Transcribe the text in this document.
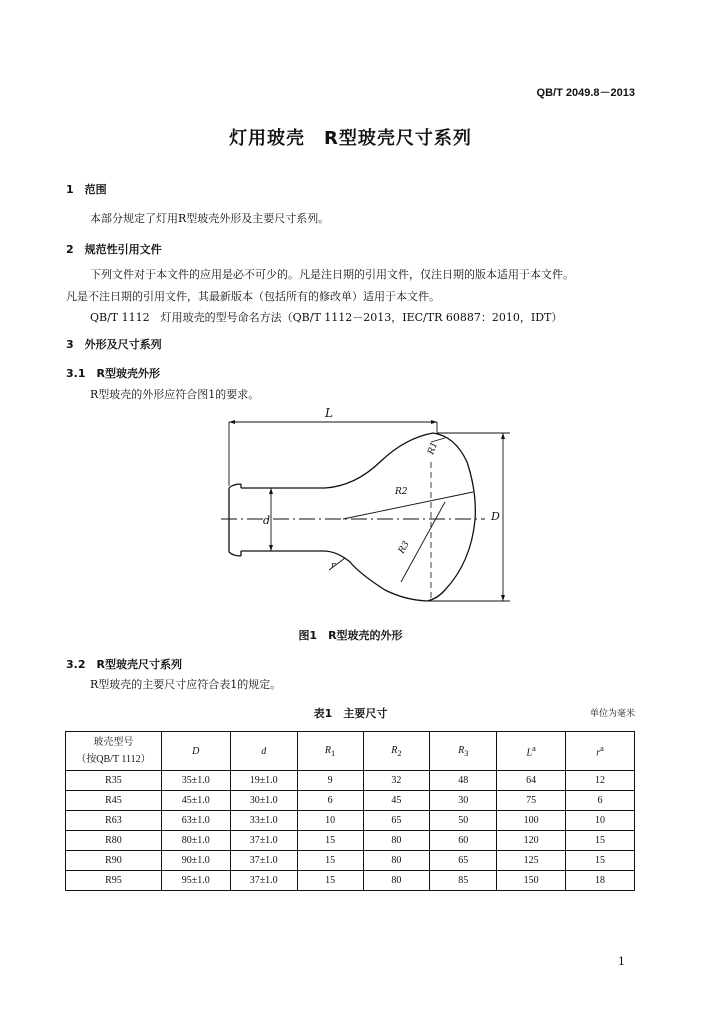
QB/T 2049.8－2013
灯用玻壳　R型玻壳尺寸系列
1　范围
本部分规定了灯用R型玻壳外形及主要尺寸系列。
2　规范性引用文件
下列文件对于本文件的应用是必不可少的。凡是注日期的引用文件，仅注日期的版本适用于本文件。
凡是不注日期的引用文件，其最新版本（包括所有的修改单）适用于本文件。
QB/T 1112　灯用玻壳的型号命名方法（QB/T 1112－2013，IEC/TR 60887：2010，IDT）
3　外形及尺寸系列
3.1　R型玻壳外形
R型玻壳的外形应符合图1的要求。
L
D
d
R2
R3
R1
r
图1　R型玻壳的外形
3.2　R型玻壳尺寸系列
R型玻壳的主要尺寸应符合表1的规定。
表1　主要尺寸	单位为毫米
玻壳型号
（按QB/T 1112）	D	d	$R_1$	$R_2$	$R_3$	$L^a$	$r^a$
R35	35±1.0	19±1.0	9	32	48	64	12
R45	45±1.0	30±1.0	6	45	30	75	6
R63	63±1.0	33±1.0	10	65	50	100	10
R80	80±1.0	37±1.0	15	80	60	120	15
R90	90±1.0	37±1.0	15	80	65	125	15
R95	95±1.0	37±1.0	15	80	85	150	18
1
